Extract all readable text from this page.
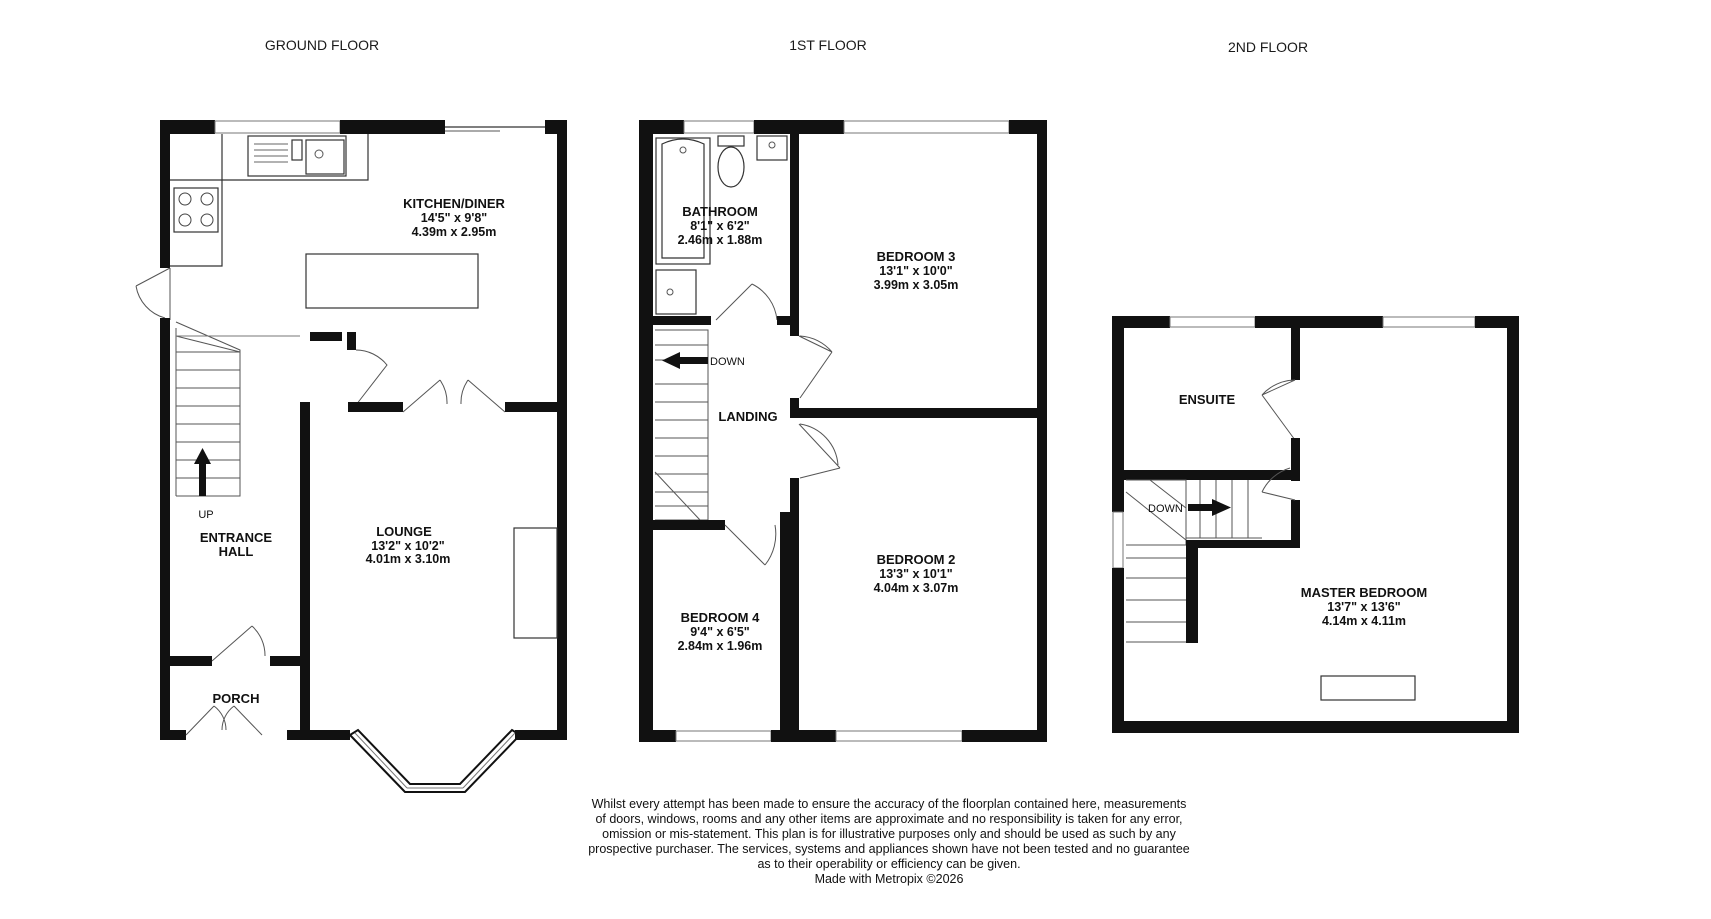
GROUND FLOOR	1ST FLOOR	2ND FLOOR
UP
KITCHEN/DINER
14'5" x 9'8"
4.39m x 2.95m
LOUNGE
13'2" x 10'2"
4.01m x 3.10m
ENTRANCE
HALL
PORCH
DOWN
BATHROOM
8'1" x 6'2"
2.46m x 1.88m
BEDROOM 3
13'1" x 10'0"
3.99m x 3.05m
LANDING
BEDROOM 2
13'3" x 10'1"
4.04m x 3.07m
BEDROOM 4
9'4" x 6'5"
2.84m x 1.96m
DOWN
ENSUITE
MASTER BEDROOM
13'7" x 13'6"
4.14m x 4.11m
Whilst every attempt has been made to ensure the accuracy of the floorplan contained here, measurements
of doors, windows, rooms and any other items are approximate and no responsibility is taken for any error,
omission or mis-statement. This plan is for illustrative purposes only and should be used as such by any
prospective purchaser. The services, systems and appliances shown have not been tested and no guarantee
as to their operability or efficiency can be given.
Made with Metropix ©2026
